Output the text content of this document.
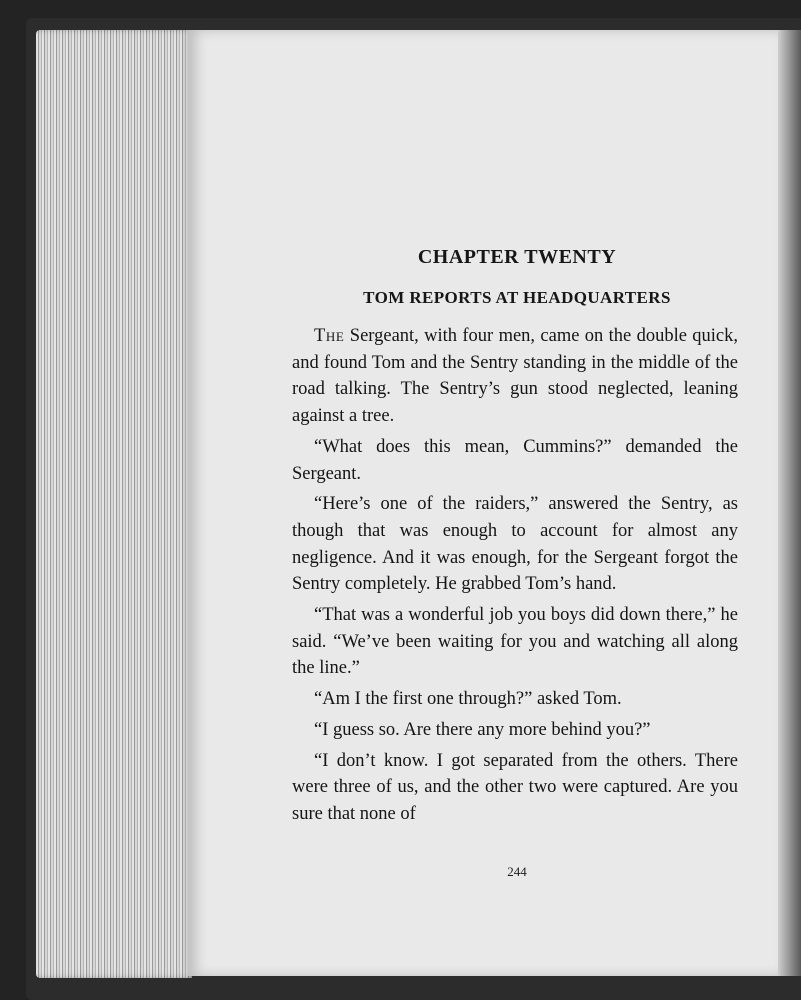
CHAPTER TWENTY
TOM REPORTS AT HEADQUARTERS

The Sergeant, with four men, came on the double quick, and found Tom and the Sentry standing in the middle of the road talking. The Sentry’s gun stood neglected, leaning against a tree.

“What does this mean, Cummins?” demanded the Sergeant.

“Here’s one of the raiders,” answered the Sentry, as though that was enough to account for almost any negligence. And it was enough, for the Sergeant forgot the Sentry completely. He grabbed Tom’s hand.

“That was a wonderful job you boys did down there,” he said. “We’ve been waiting for you and watching all along the line.”

“Am I the first one through?” asked Tom.

“I guess so. Are there any more behind you?”

“I don’t know. I got separated from the others. There were three of us, and the other two were captured. Are you sure that none of

244
